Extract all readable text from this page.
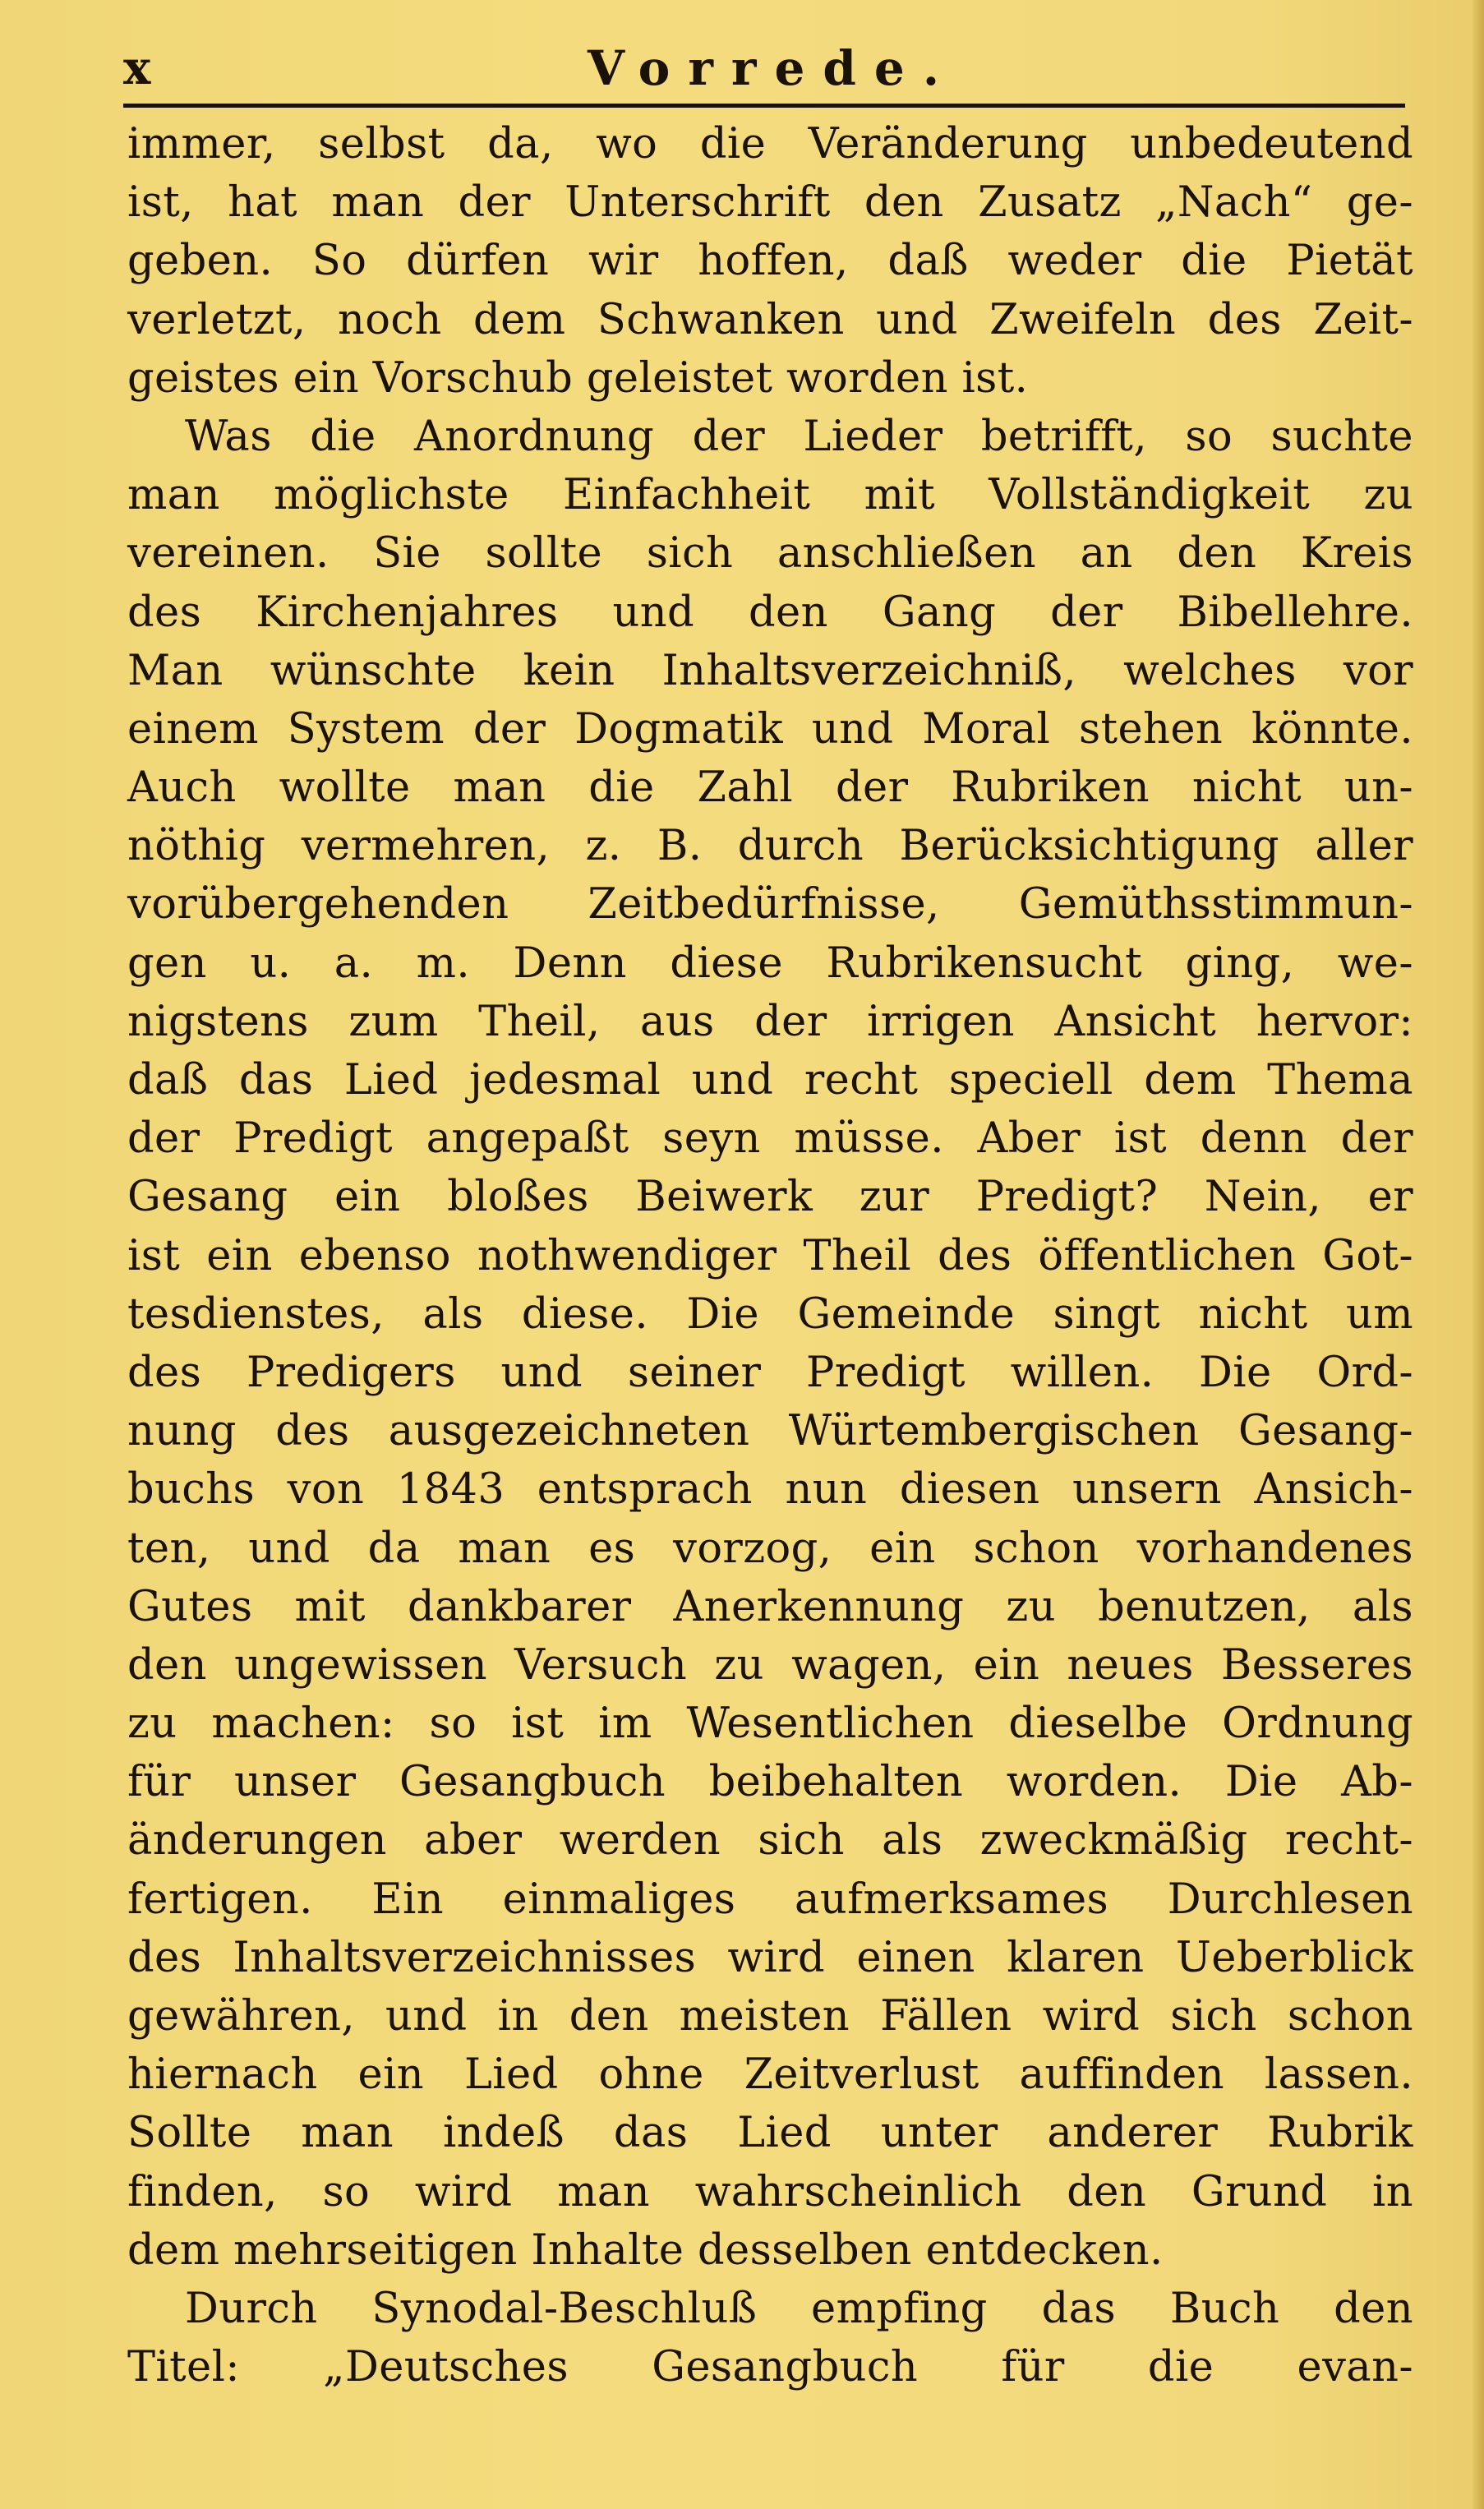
x	Vorrede.
immer, selbst da, wo die Veränderung unbedeutend
ist, hat man der Unterschrift den Zusatz „Nach“ ge-
geben. So dürfen wir hoffen, daß weder die Pietät
verletzt, noch dem Schwanken und Zweifeln des Zeit-
geistes ein Vorschub geleistet worden ist.
Was die Anordnung der Lieder betrifft, so suchte
man möglichste Einfachheit mit Vollständigkeit zu
vereinen. Sie sollte sich anschließen an den Kreis
des Kirchenjahres und den Gang der Bibellehre.
Man wünschte kein Inhaltsverzeichniß, welches vor
einem System der Dogmatik und Moral stehen könnte.
Auch wollte man die Zahl der Rubriken nicht un-
nöthig vermehren, z. B. durch Berücksichtigung aller
vorübergehenden Zeitbedürfnisse, Gemüthsstimmun-
gen u. a. m. Denn diese Rubrikensucht ging, we-
nigstens zum Theil, aus der irrigen Ansicht hervor:
daß das Lied jedesmal und recht speciell dem Thema
der Predigt angepaßt seyn müsse. Aber ist denn der
Gesang ein bloßes Beiwerk zur Predigt? Nein, er
ist ein ebenso nothwendiger Theil des öffentlichen Got-
tesdienstes, als diese. Die Gemeinde singt nicht um
des Predigers und seiner Predigt willen. Die Ord-
nung des ausgezeichneten Würtembergischen Gesang-
buchs von 1843 entsprach nun diesen unsern Ansich-
ten, und da man es vorzog, ein schon vorhandenes
Gutes mit dankbarer Anerkennung zu benutzen, als
den ungewissen Versuch zu wagen, ein neues Besseres
zu machen: so ist im Wesentlichen dieselbe Ordnung
für unser Gesangbuch beibehalten worden. Die Ab-
änderungen aber werden sich als zweckmäßig recht-
fertigen. Ein einmaliges aufmerksames Durchlesen
des Inhaltsverzeichnisses wird einen klaren Ueberblick
gewähren, und in den meisten Fällen wird sich schon
hiernach ein Lied ohne Zeitverlust auffinden lassen.
Sollte man indeß das Lied unter anderer Rubrik
finden, so wird man wahrscheinlich den Grund in
dem mehrseitigen Inhalte desselben entdecken.
Durch Synodal-Beschluß empfing das Buch den
Titel: „Deutsches Gesangbuch für die evan-
